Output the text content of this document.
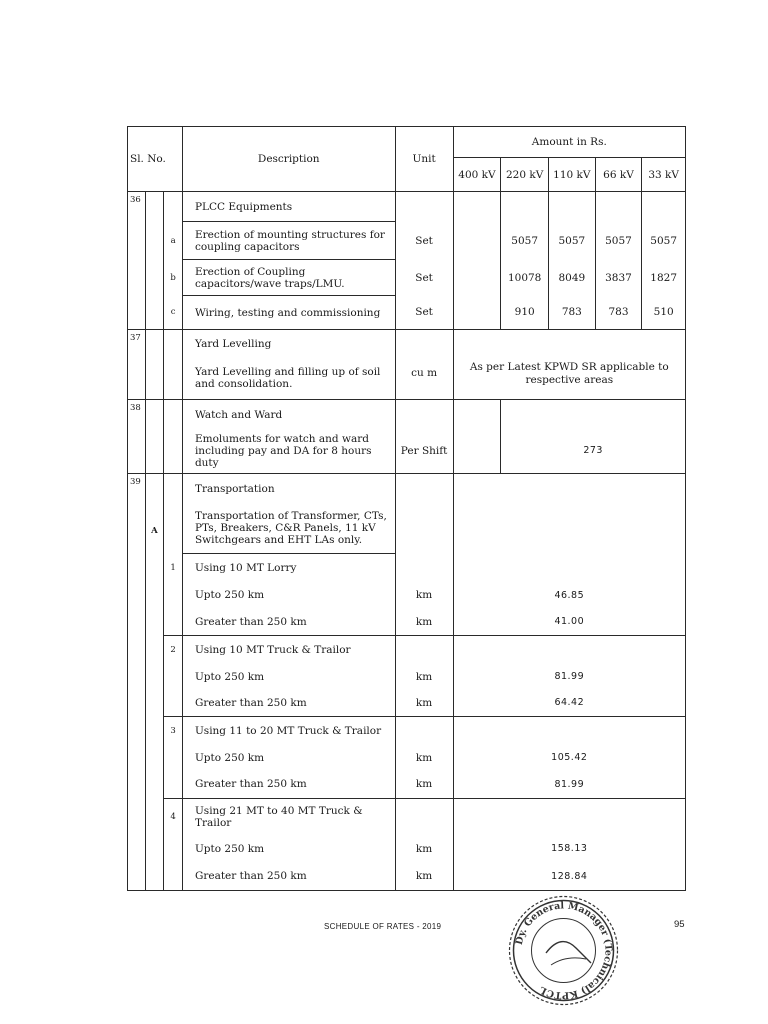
Sl. No.			Description	Unit	Amount in Rs.				
					400 kV	220 kV	110 kV	66 kV	33 kV
36			PLCC Equipments						
		a	Erection of mounting structures for coupling capacitors	Set		5057	5057	5057	5057
		b	Erection of Coupling capacitors/wave traps/LMU.	Set		10078	8049	3837	1827
		c	Wiring, testing and commissioning	Set		910	783	783	510
37			Yard Levelling	cu m	As per Latest KPWD SR applicable to respective areas				
			Yard Levelling and filling up of soil and consolidation.						
38			Watch and Ward	Per Shift		273			
			Emoluments for watch and ward including pay and DA for 8 hours duty						
39	A		Transportation						
			Transportation of Transformer, CTs, PTs, Breakers, C&R Panels, 11 kV Switchgears and EHT LAs only.						
		1	Using 10 MT Lorry						
			Upto 250 km	km	46.85				
			Greater than 250 km	km	41.00				
		2	Using 10 MT Truck & Trailor						
			Upto 250 km	km	81.99				
			Greater than 250 km	km	64.42				
		3	Using 11 to 20 MT Truck & Trailor						
			Upto 250 km	km	105.42				
			Greater than 250 km	km	81.99				
		4	Using 21 MT to 40 MT Truck & Trailor						
			Upto 250 km	km	158.13				
			Greater than 250 km	km	128.84				
SCHEDULE OF RATES - 2019	95
Dy. General Manager (Technical) KPTCL
